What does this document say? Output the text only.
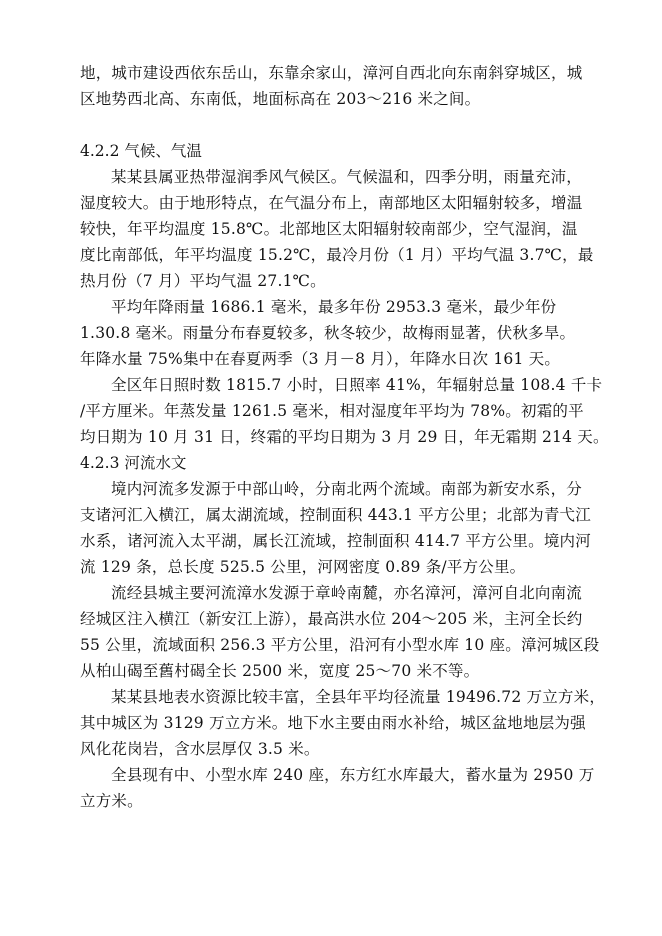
地，城市建设西依东岳山，东靠余家山，漳河自西北向东南斜穿城区，城
区地势西北高、东南低，地面标高在 203～216 米之间。
4.2.2 气候、气温
某某县属亚热带湿润季风气候区。气候温和，四季分明，雨量充沛，
湿度较大。由于地形特点，在气温分布上，南部地区太阳辐射较多，增温
较快，年平均温度 15.8℃。北部地区太阳辐射较南部少，空气湿润，温
度比南部低，年平均温度 15.2℃，最冷月份（1 月）平均气温 3.7℃，最
热月份（7 月）平均气温 27.1℃。
平均年降雨量 1686.1 毫米，最多年份 2953.3 毫米，最少年份
1.30.8 毫米。雨量分布春夏较多，秋冬较少，故梅雨显著，伏秋多旱。
年降水量 75%集中在春夏两季（3 月－8 月），年降水日次 161 天。
全区年日照时数 1815.7 小时，日照率 41%，年辐射总量 108.4 千卡
/平方厘米。年蒸发量 1261.5 毫米，相对湿度年平均为 78%。初霜的平
均日期为 10 月 31 日，终霜的平均日期为 3 月 29 日，年无霜期 214 天。
4.2.3 河流水文
境内河流多发源于中部山岭，分南北两个流域。南部为新安水系，分
支诸河汇入横江，属太湖流域，控制面积 443.1 平方公里；北部为青弋江
水系，诸河流入太平湖，属长江流域，控制面积 414.7 平方公里。境内河
流 129 条，总长度 525.5 公里，河网密度 0.89 条/平方公里。
流经县城主要河流漳水发源于章岭南麓，亦名漳河，漳河自北向南流
经城区注入横江（新安江上游），最高洪水位 204～205 米，主河全长约
55 公里，流域面积 256.3 平方公里，沿河有小型水库 10 座。漳河城区段
从柏山碣至舊村碣全长 2500 米，宽度 25～70 米不等。
某某县地表水资源比较丰富，全县年平均径流量 19496.72 万立方米，
其中城区为 3129 万立方米。地下水主要由雨水补给，城区盆地地层为强
风化花岗岩，含水层厚仅 3.5 米。
全县现有中、小型水库 240 座，东方红水库最大，蓄水量为 2950 万
立方米。
